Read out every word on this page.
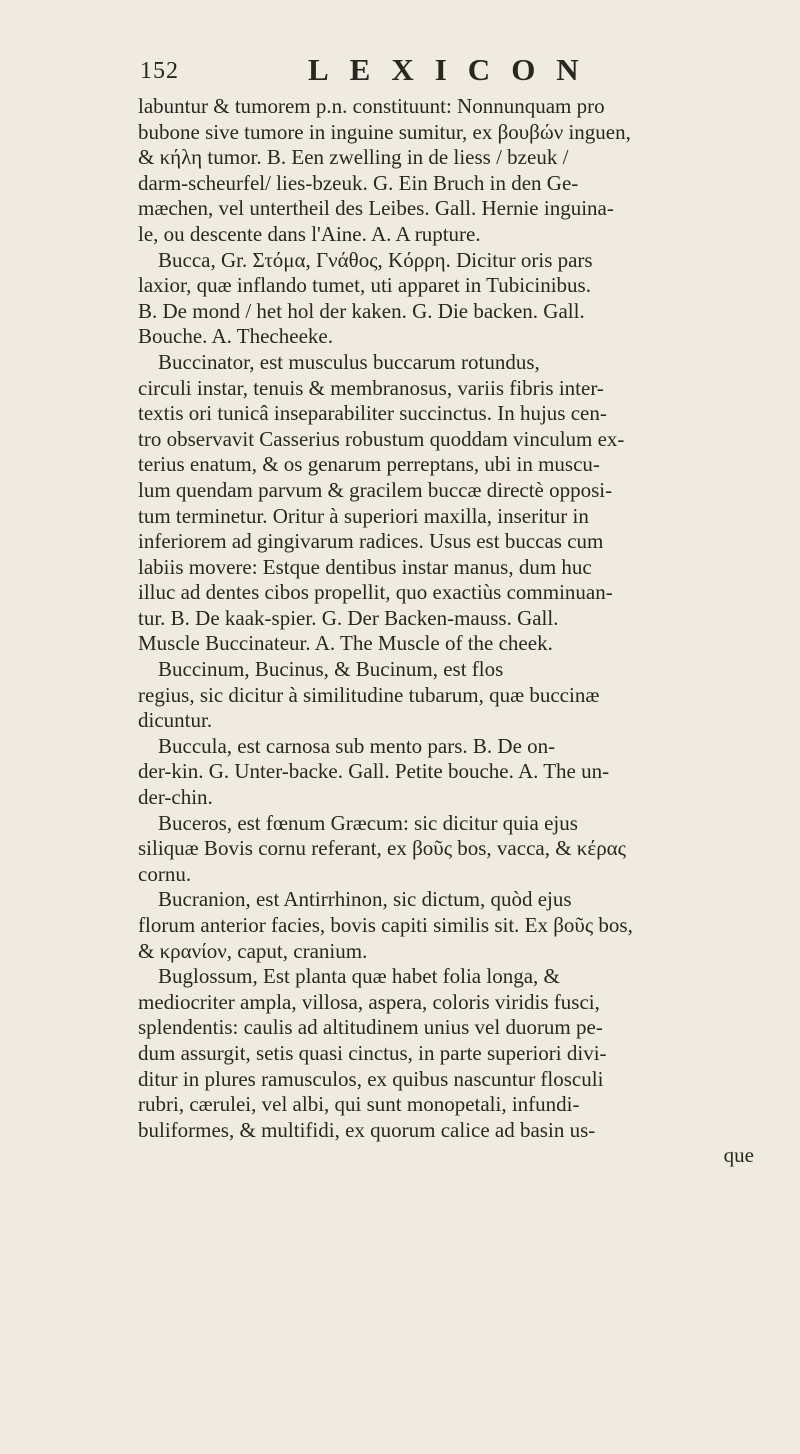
152	LEXICON
labuntur & tumorem p.n. constituunt: Nonnunquam pro
bubone sive tumore in inguine sumitur, ex βουβών inguen,
& κήλη tumor. B. Een zwelling in de liess / bzeuk /
darm-scheurfel/ lies-bzeuk. G. Ein Bruch in den Ge-
mæchen, vel untertheil des Leibes. Gall. Hernie inguina-
le, ou descente dans l'Aine. A. A rupture.
Bucca, Gr. Στόμα, Γνάθος, Κόρρη. Dicitur oris pars
laxior, quæ inflando tumet, uti apparet in Tubicinibus.
B. De mond / het hol der kaken. G. Die backen. Gall.
Bouche. A. Thecheeke.
Buccinator, est musculus buccarum rotundus,
circuli instar, tenuis & membranosus, variis fibris inter-
textis ori tunicâ inseparabiliter succinctus. In hujus cen-
tro observavit Casserius robustum quoddam vinculum ex-
terius enatum, & os genarum perreptans, ubi in muscu-
lum quendam parvum & gracilem buccæ directè opposi-
tum terminetur. Oritur à superiori maxilla, inseritur in
inferiorem ad gingivarum radices. Usus est buccas cum
labiis movere: Estque dentibus instar manus, dum huc
illuc ad dentes cibos propellit, quo exactiùs comminuan-
tur. B. De kaak-spier. G. Der Backen-mauss. Gall.
Muscle Buccinateur. A. The Muscle of the cheek.
Buccinum, Bucinus, & Bucinum, est flos
regius, sic dicitur à similitudine tubarum, quæ buccinæ
dicuntur.
Buccula, est carnosa sub mento pars. B. De on-
der-kin. G. Unter-backe. Gall. Petite bouche. A. The un-
der-chin.
Buceros, est fœnum Græcum: sic dicitur quia ejus
siliquæ Bovis cornu referant, ex βοῦς bos, vacca, & κέρας
cornu.
Bucranion, est Antirrhinon, sic dictum, quòd ejus
florum anterior facies, bovis capiti similis sit. Ex βοῦς bos,
& κρανίον, caput, cranium.
Buglossum, Est planta quæ habet folia longa, &
mediocriter ampla, villosa, aspera, coloris viridis fusci,
splendentis: caulis ad altitudinem unius vel duorum pe-
dum assurgit, setis quasi cinctus, in parte superiori divi-
ditur in plures ramusculos, ex quibus nascuntur flosculi
rubri, cærulei, vel albi, qui sunt monopetali, infundi-
buliformes, & multifidi, ex quorum calice ad basin us-
que
